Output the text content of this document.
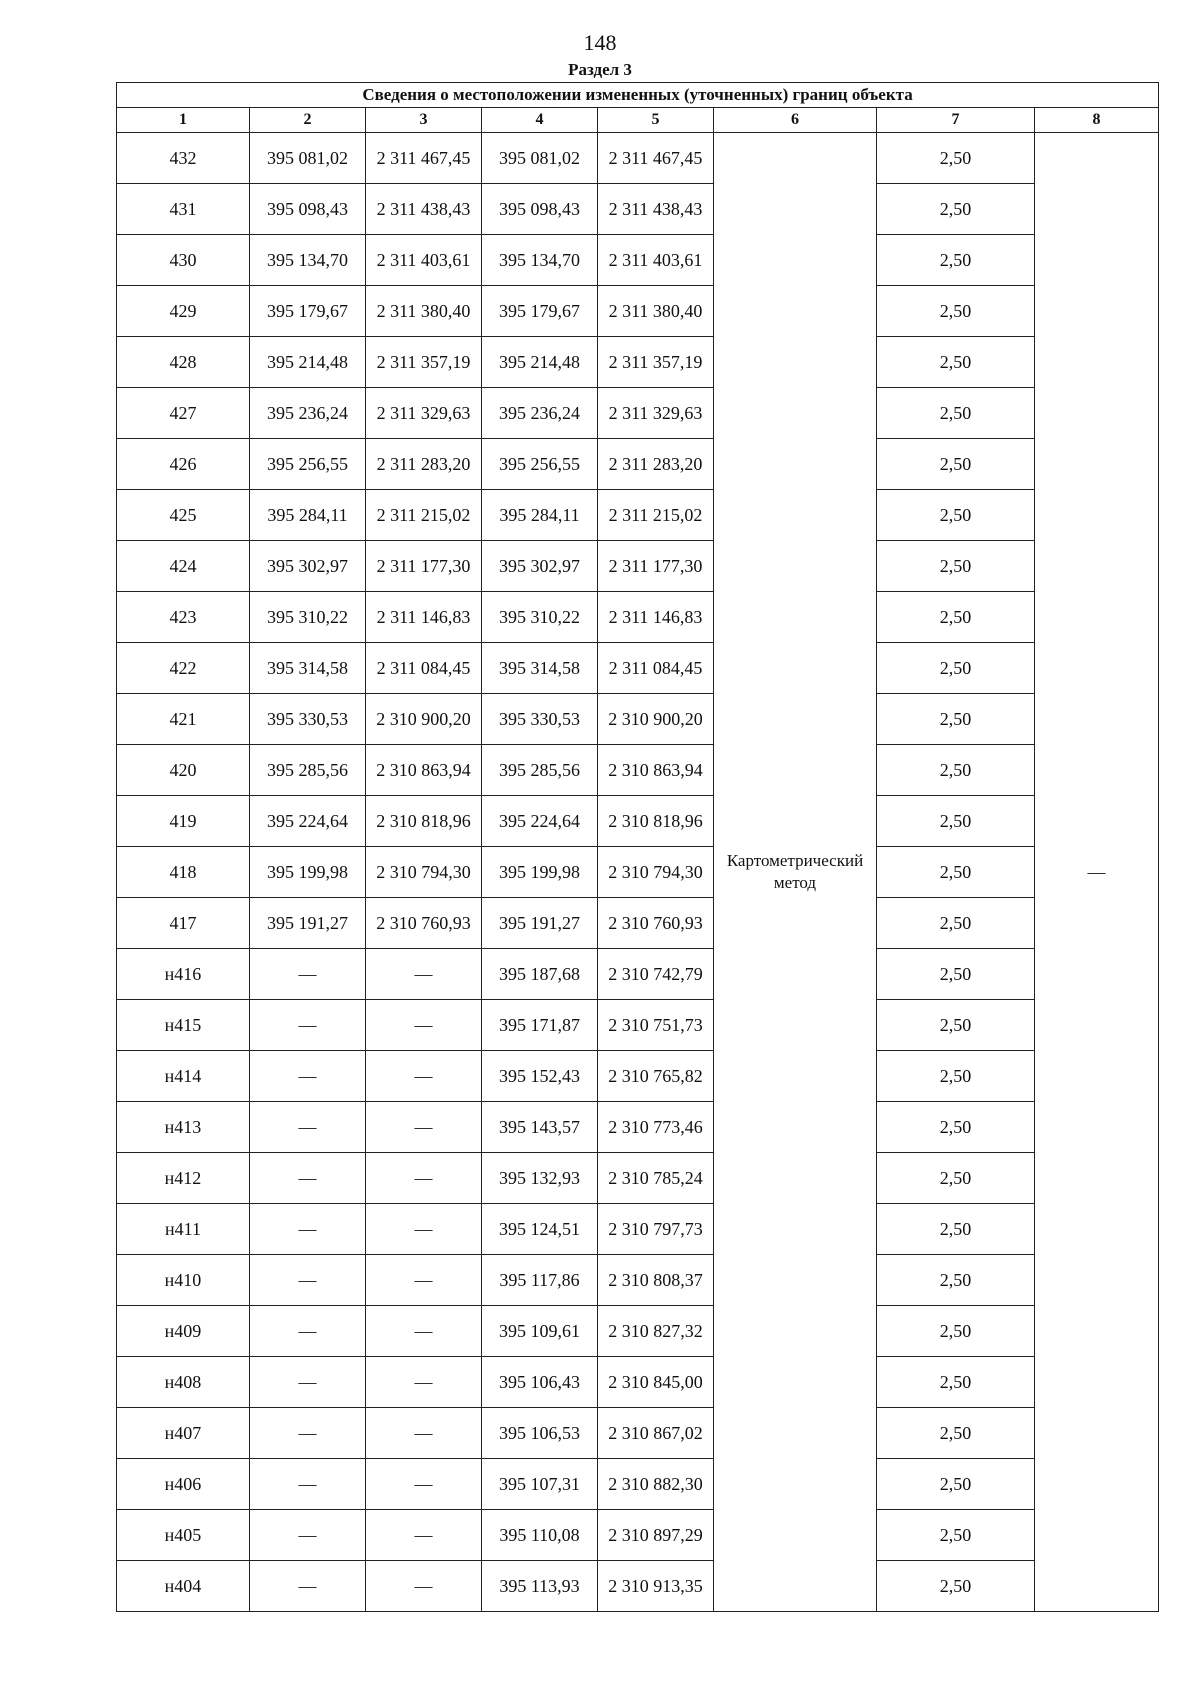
148
Раздел 3
Сведения о местоположении измененных (уточненных) границ объекта							
1	2	3	4	5	6	7	8
432	395 081,02	2 311 467,45	395 081,02	2 311 467,45	Картометрический метод	2,50	—
431	395 098,43	2 311 438,43	395 098,43	2 311 438,43		2,50	
430	395 134,70	2 311 403,61	395 134,70	2 311 403,61		2,50	
429	395 179,67	2 311 380,40	395 179,67	2 311 380,40		2,50	
428	395 214,48	2 311 357,19	395 214,48	2 311 357,19		2,50	
427	395 236,24	2 311 329,63	395 236,24	2 311 329,63		2,50	
426	395 256,55	2 311 283,20	395 256,55	2 311 283,20		2,50	
425	395 284,11	2 311 215,02	395 284,11	2 311 215,02		2,50	
424	395 302,97	2 311 177,30	395 302,97	2 311 177,30		2,50	
423	395 310,22	2 311 146,83	395 310,22	2 311 146,83		2,50	
422	395 314,58	2 311 084,45	395 314,58	2 311 084,45		2,50	
421	395 330,53	2 310 900,20	395 330,53	2 310 900,20		2,50	
420	395 285,56	2 310 863,94	395 285,56	2 310 863,94		2,50	
419	395 224,64	2 310 818,96	395 224,64	2 310 818,96		2,50	
418	395 199,98	2 310 794,30	395 199,98	2 310 794,30		2,50	
417	395 191,27	2 310 760,93	395 191,27	2 310 760,93		2,50	
н416	—	—	395 187,68	2 310 742,79		2,50	
н415	—	—	395 171,87	2 310 751,73		2,50	
н414	—	—	395 152,43	2 310 765,82		2,50	
н413	—	—	395 143,57	2 310 773,46		2,50	
н412	—	—	395 132,93	2 310 785,24		2,50	
н411	—	—	395 124,51	2 310 797,73		2,50	
н410	—	—	395 117,86	2 310 808,37		2,50	
н409	—	—	395 109,61	2 310 827,32		2,50	
н408	—	—	395 106,43	2 310 845,00		2,50	
н407	—	—	395 106,53	2 310 867,02		2,50	
н406	—	—	395 107,31	2 310 882,30		2,50	
н405	—	—	395 110,08	2 310 897,29		2,50	
н404	—	—	395 113,93	2 310 913,35		2,50	
